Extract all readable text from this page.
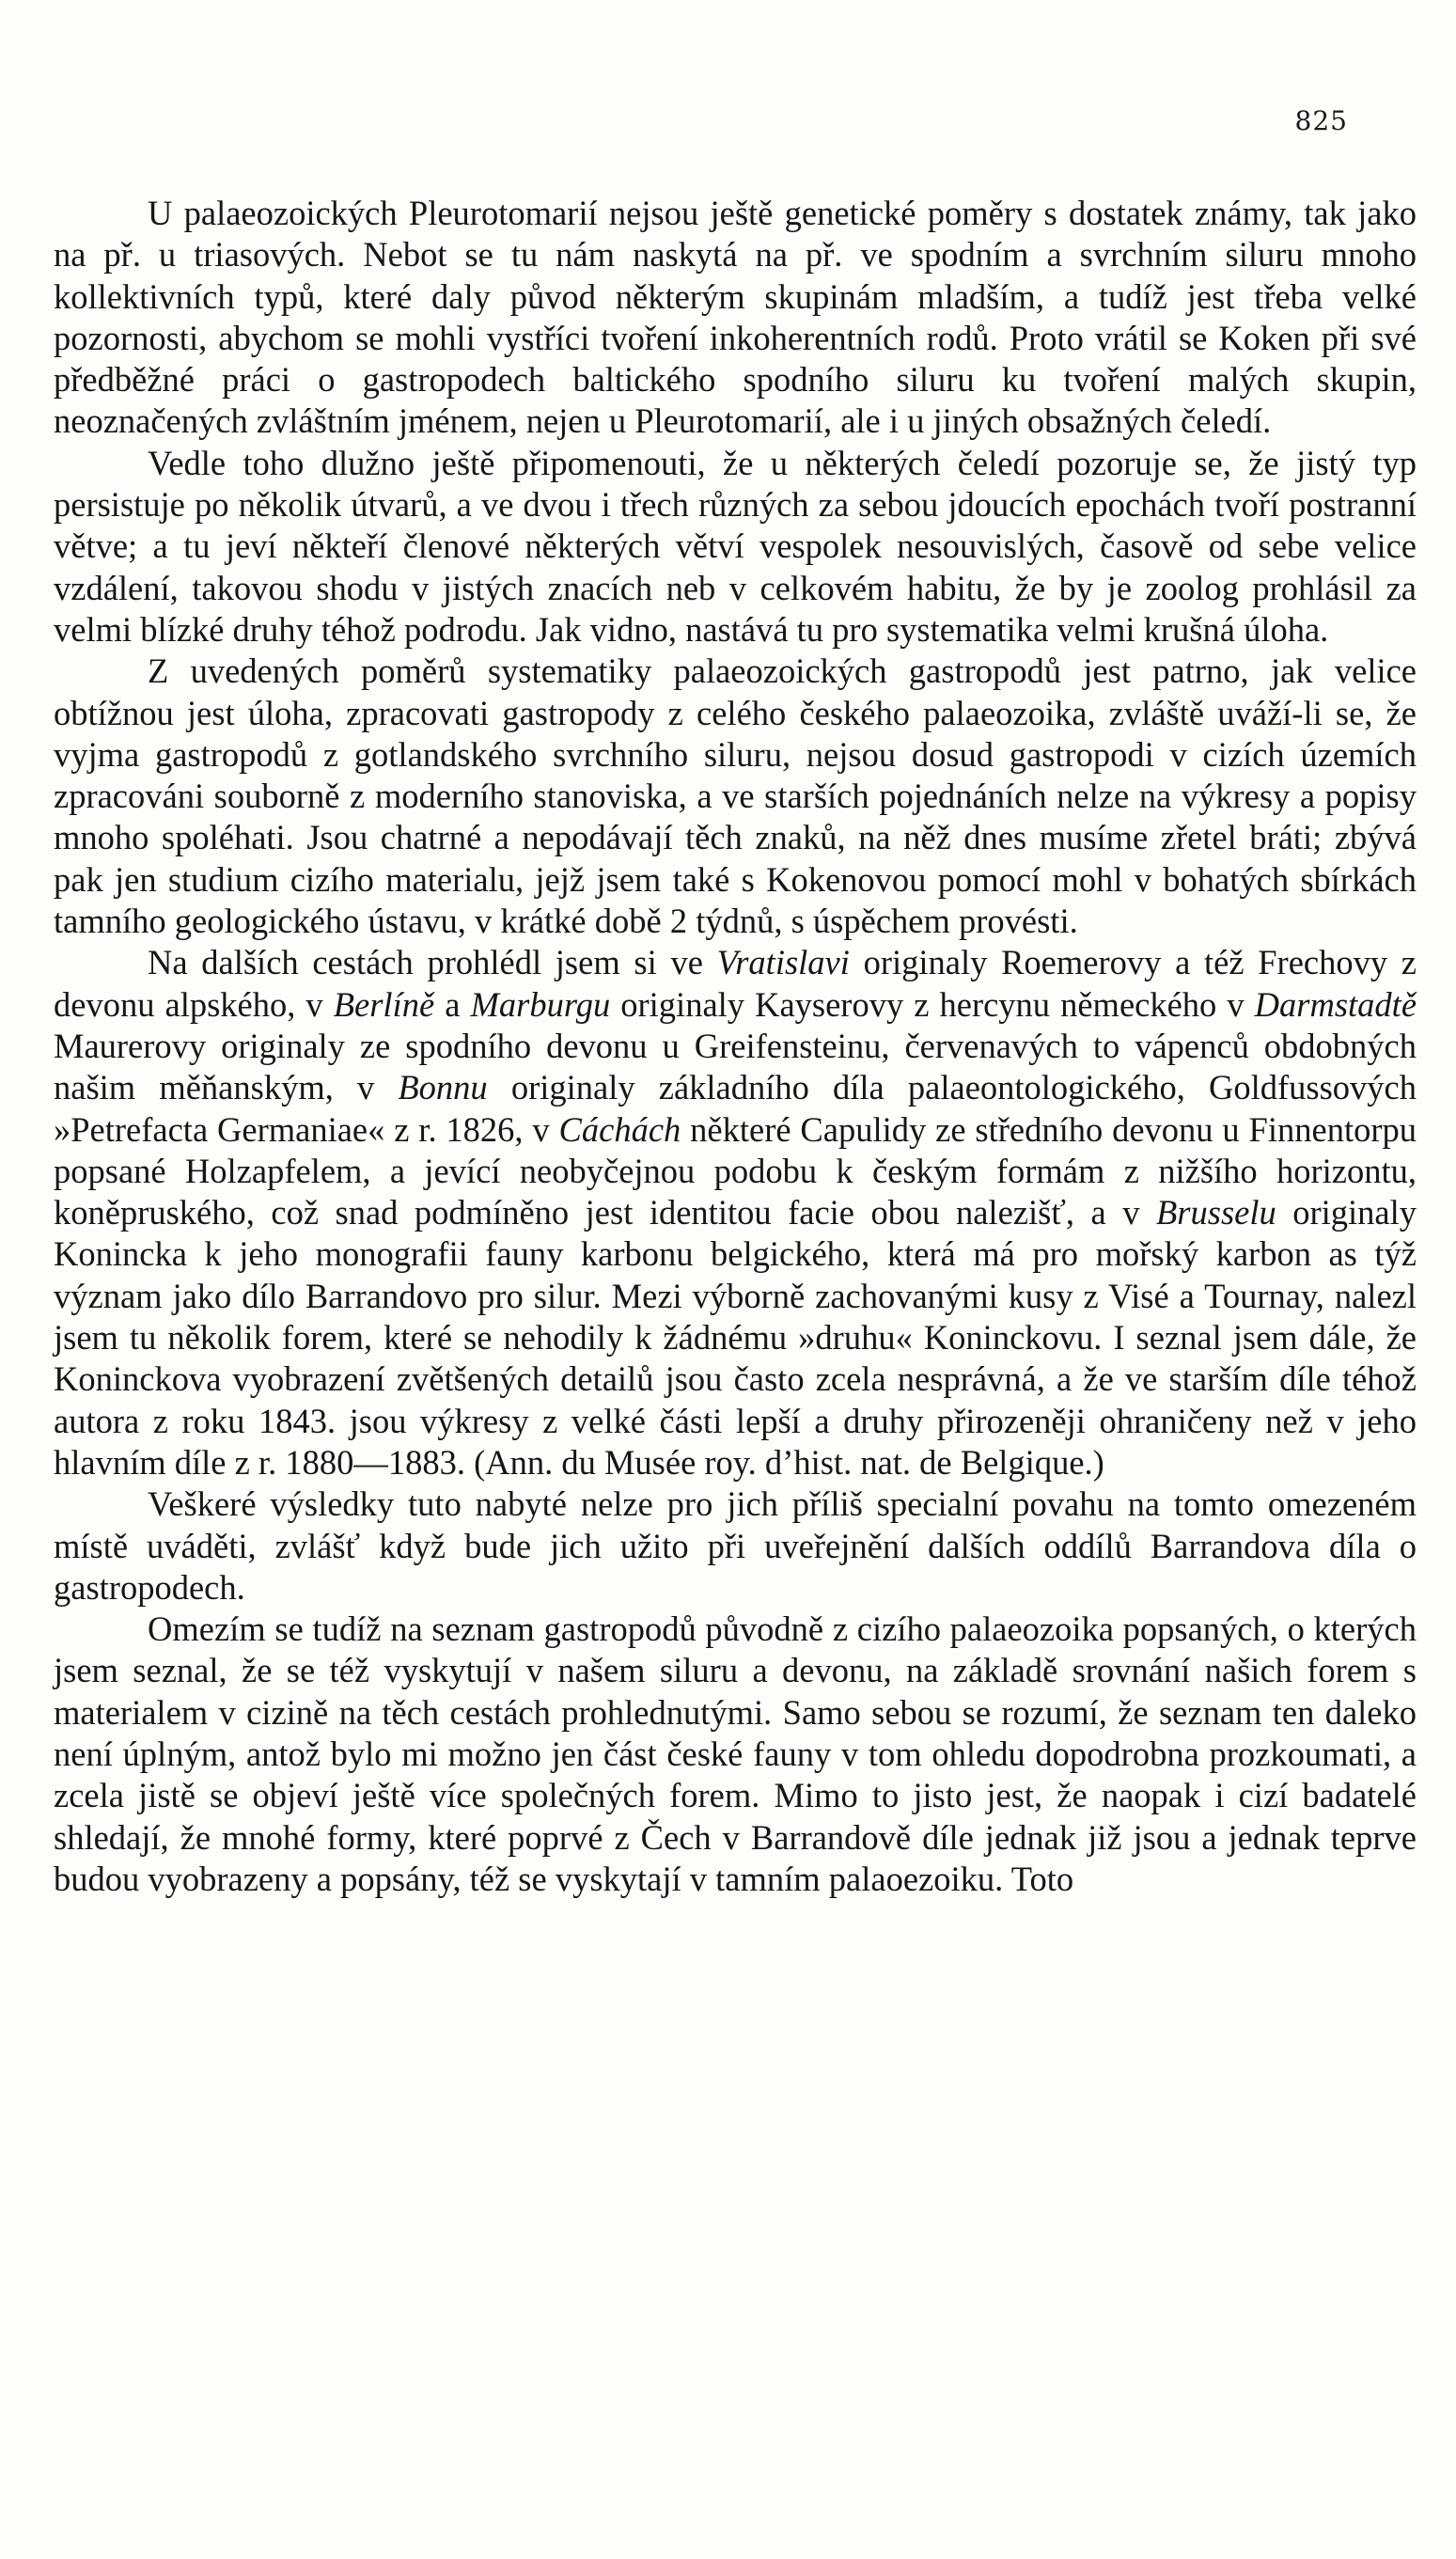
825

U palaeozoických Pleurotomarií nejsou ještě genetické poměry s dostatek známy, tak jako na př. u triasových. Nebot se tu nám naskytá na př. ve spodním a svrchním siluru mnoho kollektivních typů, které daly původ některým skupinám mladším, a tudíž jest třeba velké pozornosti, abychom se mohli vystříci tvoření inkoherentních rodů. Proto vrátil se Koken při své předběžné práci o gastropodech baltického spodního siluru ku tvoření malých skupin, neoznačených zvláštním jménem, nejen u Pleurotomarií, ale i u jiných obsažných čeledí.

Vedle toho dlužno ještě připomenouti, že u některých čeledí pozoruje se, že jistý typ persistuje po několik útvarů, a ve dvou i třech různých za sebou jdoucích epochách tvoří postranní větve; a tu jeví někteří členové některých větví vespolek nesouvislých, časově od sebe velice vzdálení, takovou shodu v jistých znacích neb v celkovém habitu, že by je zoolog prohlásil za velmi blízké druhy téhož podrodu. Jak vidno, nastává tu pro systematika velmi krušná úloha.

Z uvedených poměrů systematiky palaeozoických gastropodů jest patrno, jak velice obtížnou jest úloha, zpracovati gastropody z celého českého palaeozoika, zvláště uváží-li se, že vyjma gastropodů z gotlandského svrchního siluru, nejsou dosud gastropodi v cizích územích zpracováni souborně z moderního stanoviska, a ve starších pojednáních nelze na výkresy a popisy mnoho spoléhati. Jsou chatrné a nepodávají těch znaků, na něž dnes musíme zřetel bráti; zbývá pak jen studium cizího materialu, jejž jsem také s Kokenovou pomocí mohl v bohatých sbírkách tamního geologického ústavu, v krátké době 2 týdnů, s úspěchem provésti.

Na dalších cestách prohlédl jsem si ve Vratislavi originaly Roemerovy a též Frechovy z devonu alpského, v Berlíně a Marburgu originaly Kayserovy z hercynu německého v Darmstadtě Maurerovy originaly ze spodního devonu u Greifensteinu, červenavých to vápenců obdobných našim měňanským, v Bonnu originaly základního díla palaeontologického, Goldfussových »Petrefacta Germaniae« z r. 1826, v Cáchách některé Capulidy ze středního devonu u Finnentorpu popsané Holzapfelem, a jevící neobyčejnou podobu k českým formám z nižšího horizontu, koněpruského, což snad podmíněno jest identitou facie obou nalezišť, a v Brusselu originaly Konincka k jeho monografii fauny karbonu belgického, která má pro mořský karbon as týž význam jako dílo Barrandovo pro silur. Mezi výborně zachovanými kusy z Visé a Tournay, nalezl jsem tu několik forem, které se nehodily k žádnému »druhu« Koninckovu. I seznal jsem dále, že Koninckova vyobrazení zvětšených detailů jsou často zcela nesprávná, a že ve starším díle téhož autora z roku 1843. jsou výkresy z velké části lepší a druhy přirozeněji ohraničeny než v jeho hlavním díle z r. 1880—1883. (Ann. du Musée roy. d’hist. nat. de Belgique.)

Veškeré výsledky tuto nabyté nelze pro jich příliš specialní povahu na tomto omezeném místě uváděti, zvlášť když bude jich užito při uveřejnění dalších oddílů Barrandova díla o gastropodech.

Omezím se tudíž na seznam gastropodů původně z cizího palaeozoika popsaných, o kterých jsem seznal, že se též vyskytují v našem siluru a devonu, na základě srovnání našich forem s materialem v cizině na těch cestách prohlednutými. Samo sebou se rozumí, že seznam ten daleko není úplným, antož bylo mi možno jen část české fauny v tom ohledu dopodrobna prozkoumati, a zcela jistě se objeví ještě více společných forem. Mimo to jisto jest, že naopak i cizí badatelé shledají, že mnohé formy, které poprvé z Čech v Barrandově díle jednak již jsou a jednak teprve budou vyobrazeny a popsány, též se vyskytají v tamním palaoezoiku. Toto
